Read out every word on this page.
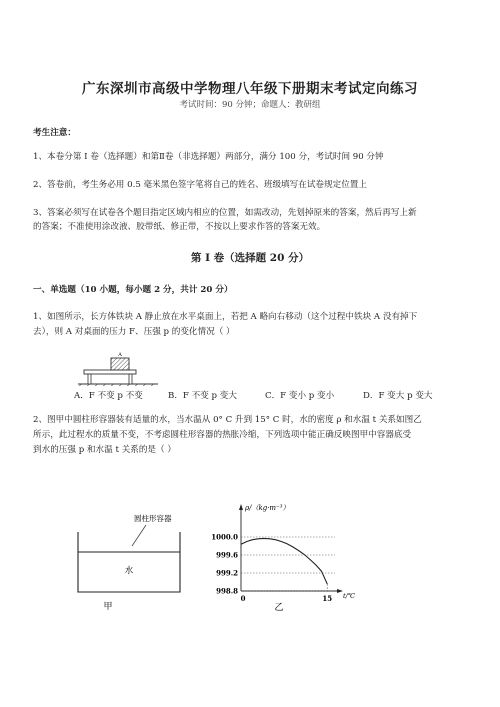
广东深圳市高级中学物理八年级下册期末考试定向练习
考试时间：90 分钟；命题人：教研组
考生注意：
1、本卷分第 I 卷（选择题）和第Ⅱ卷（非选择题）两部分，满分 100 分，考试时间 90 分钟
2、答卷前，考生务必用 0.5 毫米黑色签字笔将自己的姓名、班级填写在试卷规定位置上
3、答案必须写在试卷各个题目指定区域内相应的位置，如需改动，先划掉原来的答案，然后再写上新
的答案；不准使用涂改液、胶带纸、修正带，不按以上要求作答的答案无效。
第 I 卷（选择题 20 分）
一、单选题（10 小题，每小题 2 分，共计 20 分）
1、如图所示，长方体铁块 A 静止放在水平桌面上，若把 A 略向右移动（这个过程中铁块 A 没有掉下
去），则 A 对桌面的压力 F、压强 p 的变化情况（ ）
A
A．F 不变 p 不变	B．F 不变 p 变大	C．F 变小 p 变小	D．F 变大 p 变大
2、图甲中圆柱形容器装有适量的水，当水温从 0° C 升到 15° C 时，水的密度 ρ 和水温 t 关系如图乙
所示，此过程水的质量不变，不考虑圆柱形容器的热胀冷缩，下列选项中能正确反映图甲中容器底受
到水的压强 p 和水温 t 关系的是（ ）
圆柱形容器
水
甲
ρ/（kg·m⁻³）
t/℃
1000.0
999.6
999.2
998.8
0	15
乙
